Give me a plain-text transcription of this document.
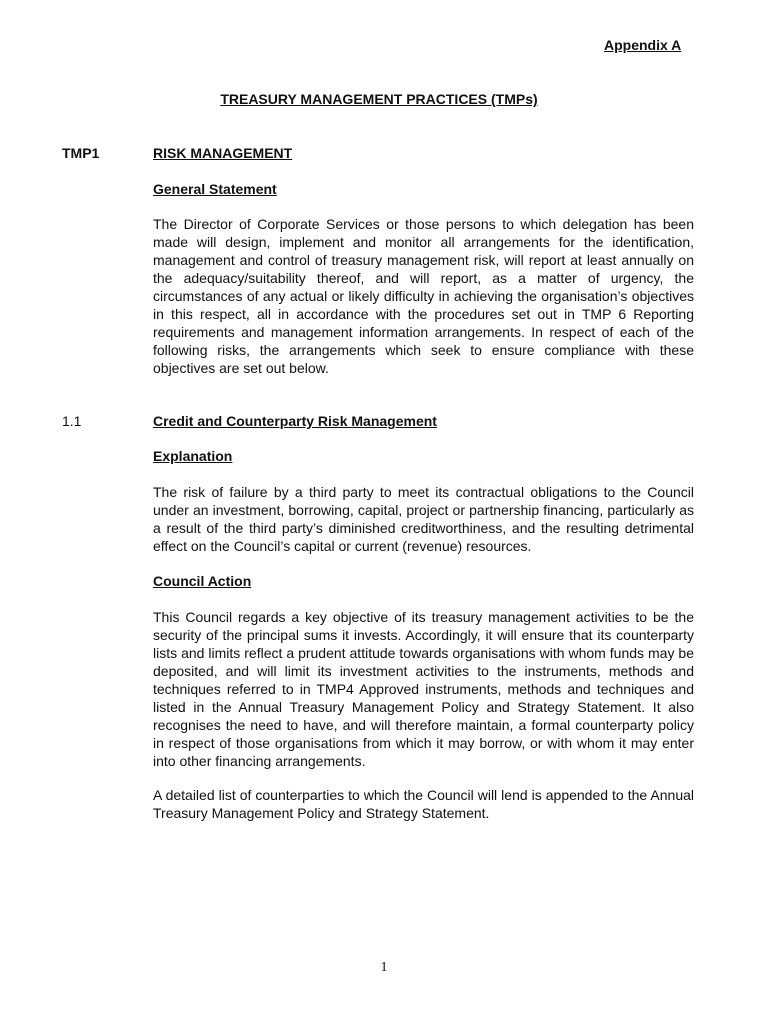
Appendix A
TREASURY MANAGEMENT PRACTICES (TMPs)
TMP1	RISK MANAGEMENT
General Statement

The Director of Corporate Services or those persons to which delegation has been made will design, implement and monitor all arrangements for the identification, management and control of treasury management risk, will report at least annually on the adequacy/suitability thereof, and will report, as a matter of urgency, the circumstances of any actual or likely difficulty in achieving the organisation’s objectives in this respect, all in accordance with the procedures set out in TMP 6 Reporting requirements and management information arrangements. In respect of each of the following risks, the arrangements which seek to ensure compliance with these objectives are set out below.

1.1	Credit and Counterparty Risk Management
Explanation

The risk of failure by a third party to meet its contractual obligations to the Council under an investment, borrowing, capital, project or partnership financing, particularly as a result of the third party’s diminished creditworthiness, and the resulting detrimental effect on the Council’s capital or current (revenue) resources.

Council Action

This Council regards a key objective of its treasury management activities to be the security of the principal sums it invests. Accordingly, it will ensure that its counterparty lists and limits reflect a prudent attitude towards organisations with whom funds may be deposited, and will limit its investment activities to the instruments, methods and techniques referred to in TMP4 Approved instruments, methods and techniques and listed in the Annual Treasury Management Policy and Strategy Statement. It also recognises the need to have, and will therefore maintain, a formal counterparty policy in respect of those organisations from which it may borrow, or with whom it may enter into other financing arrangements.

A detailed list of counterparties to which the Council will lend is appended to the Annual Treasury Management Policy and Strategy Statement.

1
